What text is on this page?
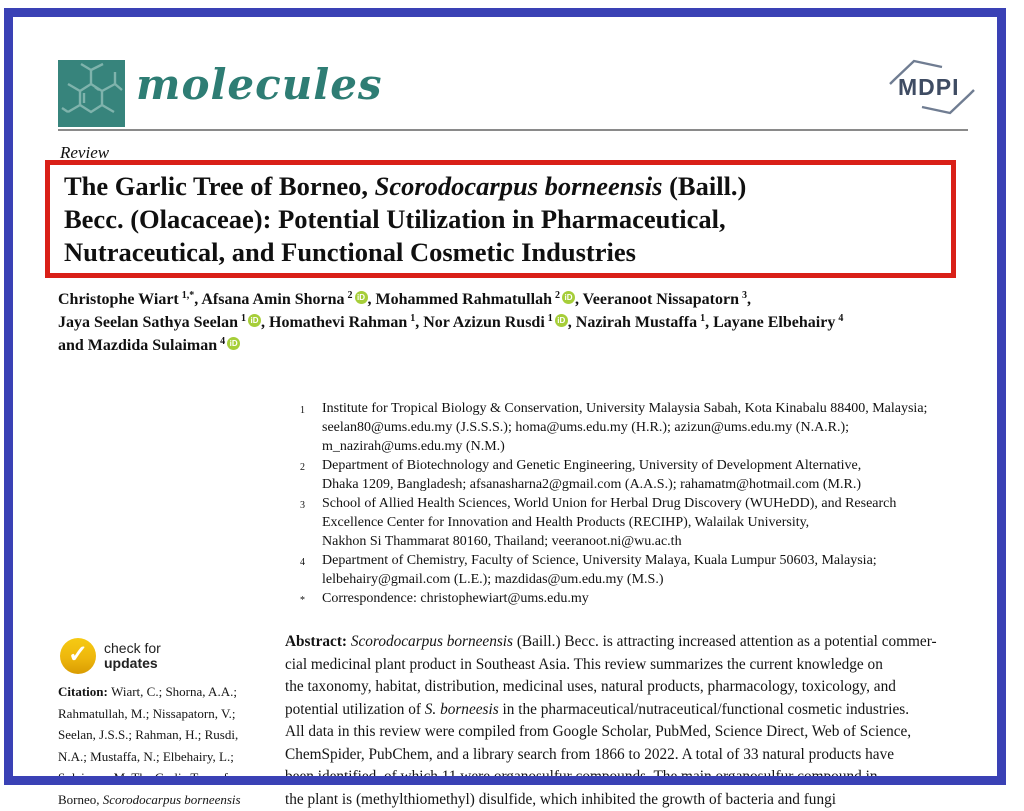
molecules	MDPI
Review
The Garlic Tree of Borneo, Scorodocarpus borneensis (Baill.)
Becc. (Olacaceae): Potential Utilization in Pharmaceutical,
Nutraceutical, and Functional Cosmetic Industries
Christophe Wiart $^{1,*}$, Afsana Amin Shorna $^2$ iD , Mohammed Rahmatullah $^2$ iD , Veeranoot Nissapatorn $^3$,
Jaya Seelan Sathya Seelan $^1$ iD , Homathevi Rahman $^1$, Nor Azizun Rusdi $^1$ iD , Nazirah Mustaffa $^1$, Layane Elbehairy $^4$
and Mazdida Sulaiman $^4$ iD
1	Institute for Tropical Biology & Conservation, University Malaysia Sabah, Kota Kinabalu 88400, Malaysia;
seelan80@ums.edu.my (J.S.S.S.); homa@ums.edu.my (H.R.); azizun@ums.edu.my (N.A.R.);
m_nazirah@ums.edu.my (N.M.)
2	Department of Biotechnology and Genetic Engineering, University of Development Alternative,
Dhaka 1209, Bangladesh; afsanasharna2@gmail.com (A.A.S.); rahamatm@hotmail.com (M.R.)
3	School of Allied Health Sciences, World Union for Herbal Drug Discovery (WUHeDD), and Research
Excellence Center for Innovation and Health Products (RECIHP), Walailak University,
Nakhon Si Thammarat 80160, Thailand; veeranoot.ni@wu.ac.th
4	Department of Chemistry, Faculty of Science, University Malaya, Kuala Lumpur 50603, Malaysia;
lelbehairy@gmail.com (L.E.); mazdidas@um.edu.my (M.S.)
*	Correspondence: christophewiart@ums.edu.my
✓	check for
updates
Citation: Wiart, C.; Shorna, A.A.;
Rahmatullah, M.; Nissapatorn, V.;
Seelan, J.S.S.; Rahman, H.; Rusdi,
N.A.; Mustaffa, N.; Elbehairy, L.;
Sulaiman, M. The Garlic Tree of
Borneo, Scorodocarpus borneensis
Abstract: Scorodocarpus borneensis (Baill.) Becc. is attracting increased attention as a potential commer-
cial medicinal plant product in Southeast Asia. This review summarizes the current knowledge on
the taxonomy, habitat, distribution, medicinal uses, natural products, pharmacology, toxicology, and
potential utilization of S. borneesis in the pharmaceutical/nutraceutical/functional cosmetic industries.
All data in this review were compiled from Google Scholar, PubMed, Science Direct, Web of Science,
ChemSpider, PubChem, and a library search from 1866 to 2022. A total of 33 natural products have
been identified, of which 11 were organosulfur compounds. The main organosulfur compound in
the plant is (methylthiomethyl) disulfide, which inhibited the growth of bacteria and fungi
